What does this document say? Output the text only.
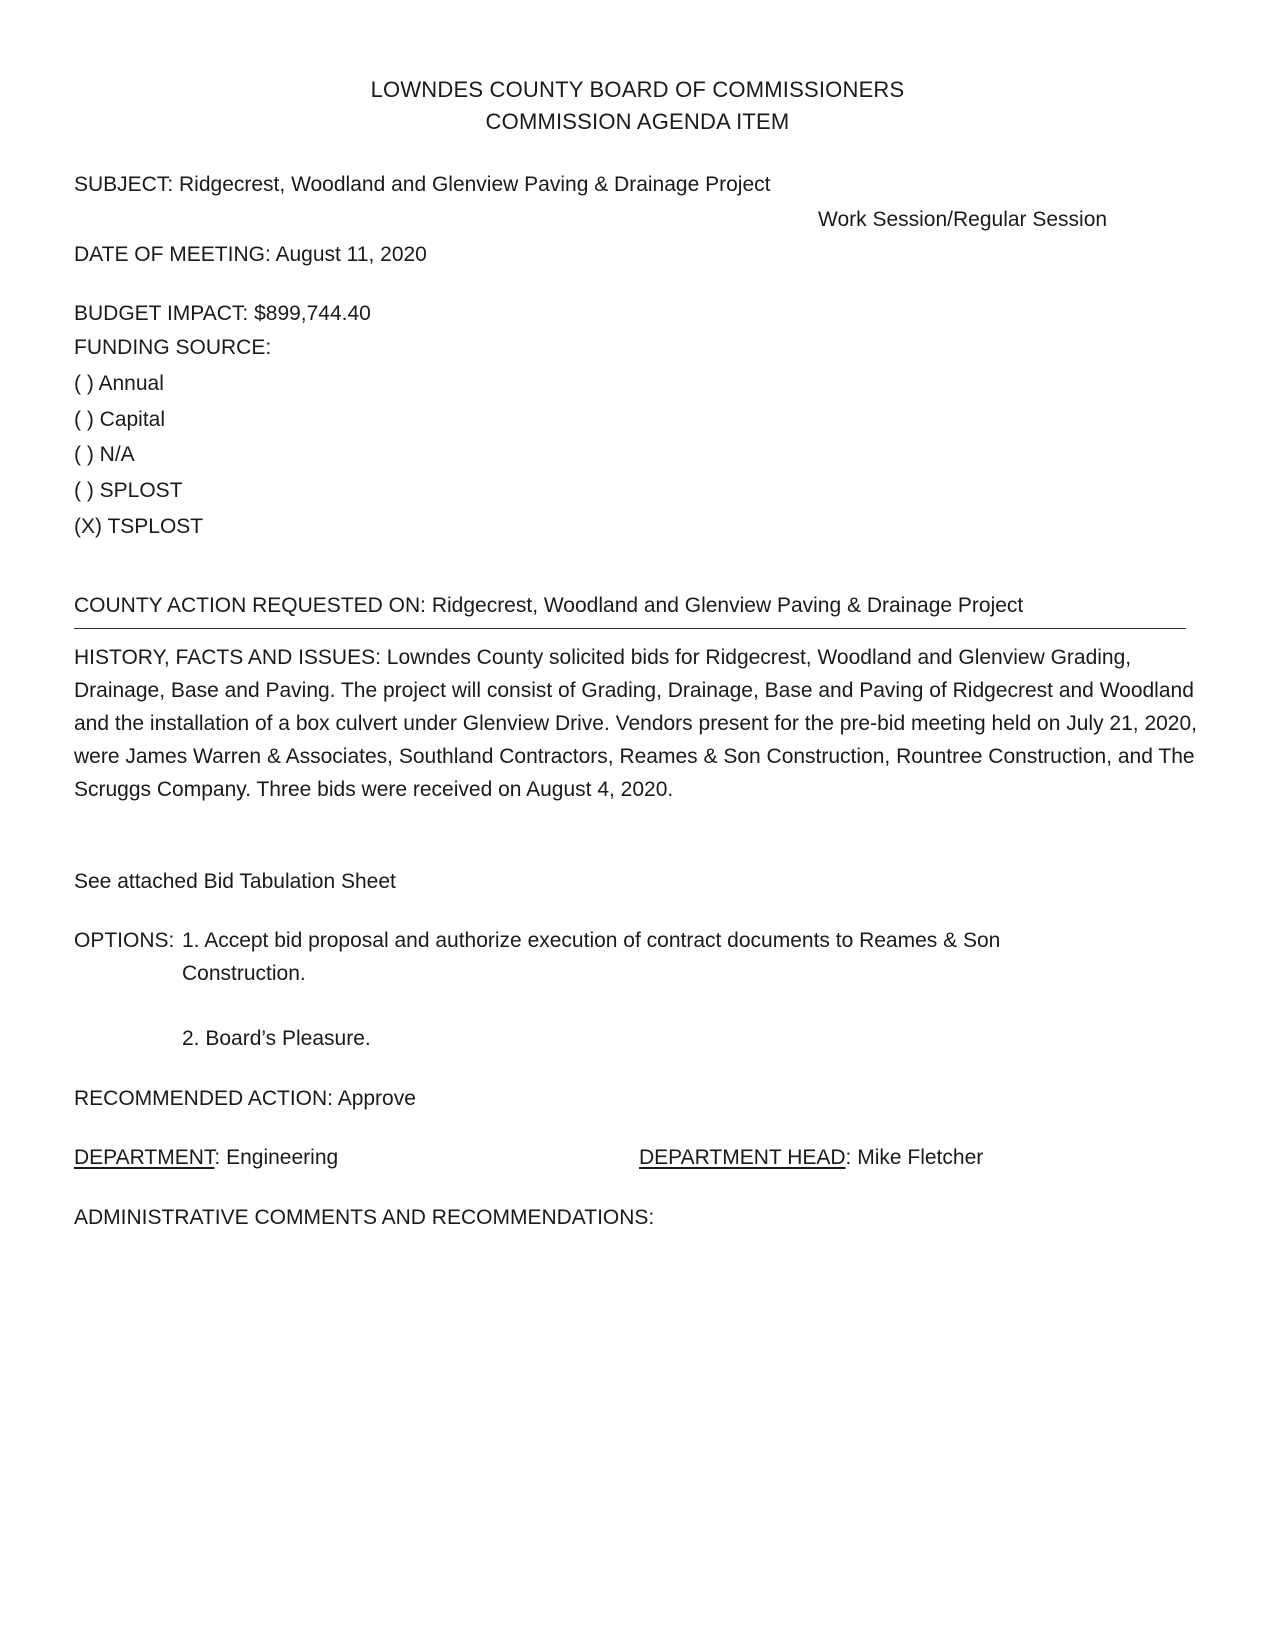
LOWNDES COUNTY BOARD OF COMMISSIONERS
COMMISSION AGENDA ITEM
SUBJECT: Ridgecrest, Woodland and Glenview Paving & Drainage Project
Work Session/Regular Session
DATE OF MEETING: August 11, 2020
BUDGET IMPACT: $899,744.40
FUNDING SOURCE:
( ) Annual
( ) Capital
( ) N/A
( ) SPLOST
(X) TSPLOST
COUNTY ACTION REQUESTED ON: Ridgecrest, Woodland and Glenview Paving & Drainage Project
HISTORY, FACTS AND ISSUES: Lowndes County solicited bids for Ridgecrest, Woodland and Glenview Grading, Drainage, Base and Paving. The project will consist of Grading, Drainage, Base and Paving of Ridgecrest and Woodland and the installation of a box culvert under Glenview Drive. Vendors present for the pre-bid meeting held on July 21, 2020, were James Warren & Associates, Southland Contractors, Reames & Son Construction, Rountree Construction, and The Scruggs Company. Three bids were received on August 4, 2020.
See attached Bid Tabulation Sheet
OPTIONS: 1. Accept bid proposal and authorize execution of contract documents to Reames & Son
Construction.
2. Board’s Pleasure.
RECOMMENDED ACTION: Approve
DEPARTMENT: Engineering	DEPARTMENT HEAD: Mike Fletcher
ADMINISTRATIVE COMMENTS AND RECOMMENDATIONS:
